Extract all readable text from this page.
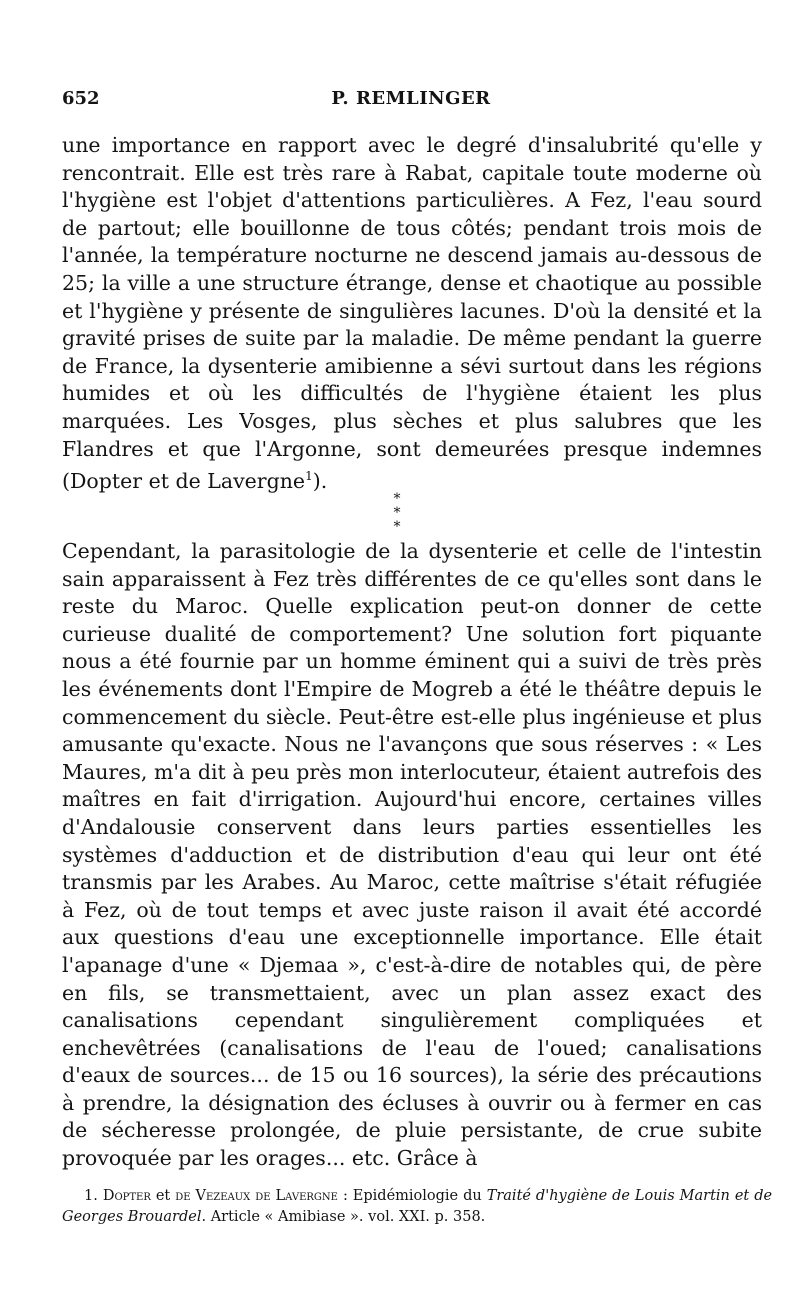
652	P. REMLINGER

une importance en rapport avec le degré d'insalubrité qu'elle y rencontrait. Elle est très rare à Rabat, capitale toute moderne où l'hygiène est l'objet d'attentions particulières. A Fez, l'eau sourd de partout; elle bouillonne de tous côtés; pendant trois mois de l'année, la température nocturne ne descend jamais au-dessous de 25; la ville a une structure étrange, dense et chaotique au possible et l'hygiène y présente de singulières lacunes. D'où la densité et la gravité prises de suite par la maladie. De même pendant la guerre de France, la dysenterie amibienne a sévi surtout dans les régions humides et où les difficultés de l'hygiène étaient les plus marquées. Les Vosges, plus sèches et plus salubres que les Flandres et que l'Argonne, sont demeurées presque indemnes (Dopter et de Lavergne$^1$).

*
* *

Cependant, la parasitologie de la dysenterie et celle de l'intestin sain apparaissent à Fez très différentes de ce qu'elles sont dans le reste du Maroc. Quelle explication peut-on donner de cette curieuse dualité de comportement? Une solution fort piquante nous a été fournie par un homme éminent qui a suivi de très près les événements dont l'Empire de Mogreb a été le théâtre depuis le commencement du siècle. Peut-être est-elle plus ingénieuse et plus amusante qu'exacte. Nous ne l'avançons que sous réserves : « Les Maures, m'a dit à peu près mon interlocuteur, étaient autrefois des maîtres en fait d'irrigation. Aujourd'hui encore, certaines villes d'Andalousie conservent dans leurs parties essentielles les systèmes d'adduction et de distribution d'eau qui leur ont été transmis par les Arabes. Au Maroc, cette maîtrise s'était réfugiée à Fez, où de tout temps et avec juste raison il avait été accordé aux questions d'eau une exceptionnelle importance. Elle était l'apanage d'une « Djemaa », c'est-à-dire de notables qui, de père en fils, se transmettaient, avec un plan assez exact des canalisations cependant singulièrement compliquées et enchevêtrées (canalisations de l'eau de l'oued; canalisations d'eaux de sources... de 15 ou 16 sources), la série des précautions à prendre, la désignation des écluses à ouvrir ou à fermer en cas de sécheresse prolongée, de pluie persistante, de crue subite provoquée par les orages... etc. Grâce à

1. Dopter et de Vezeaux de Lavergne : Epidémiologie du Traité d'hygiène de Louis Martin et de Georges Brouardel. Article « Amibiase ». vol. XXI. p. 358.
